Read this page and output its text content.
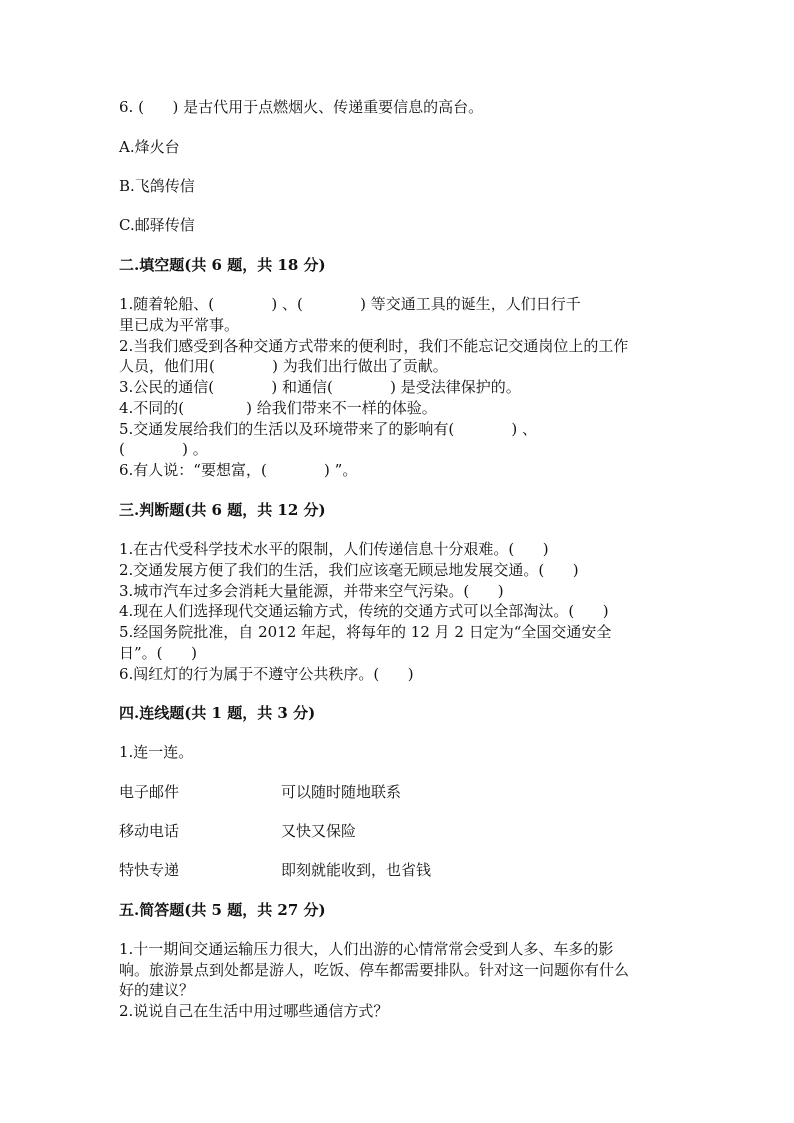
6. (      ) 是古代用于点燃烟火、传递重要信息的高台。
A.烽火台
B.飞鸽传信
C.邮驿传信
二.填空题(共 6 题，共 18 分)
1.随着轮船、(            ) 、(            ) 等交通工具的诞生，人们日行千
里已成为平常事。
2.当我们感受到各种交通方式带来的便利时，我们不能忘记交通岗位上的工作
人员，他们用(            ) 为我们出行做出了贡献。
3.公民的通信(            ) 和通信(            ) 是受法律保护的。
4.不同的(             ) 给我们带来不一样的体验。
5.交通发展给我们的生活以及环境带来了的影响有(            ) 、
(            ) 。
6.有人说：“要想富，(            ) ”。
三.判断题(共 6 题，共 12 分)
1.在古代受科学技术水平的限制，人们传递信息十分艰难。(      )
2.交通发展方便了我们的生活，我们应该毫无顾忌地发展交通。(      )
3.城市汽车过多会消耗大量能源，并带来空气污染。(      )
4.现在人们选择现代交通运输方式，传统的交通方式可以全部淘汰。(      )
5.经国务院批准，自 2012 年起，将每年的 12 月 2 日定为“全国交通安全
日”。(      )
6.闯红灯的行为属于不遵守公共秩序。(      )
四.连线题(共 1 题，共 3 分)
1.连一连。
电子邮件	可以随时随地联系
移动电话	又快又保险
特快专递	即刻就能收到，也省钱
五.简答题(共 5 题，共 27 分)
1.十一期间交通运输压力很大，人们出游的心情常常会受到人多、车多的影
响。旅游景点到处都是游人，吃饭、停车都需要排队。针对这一问题你有什么
好的建议？
2.说说自己在生活中用过哪些通信方式？
